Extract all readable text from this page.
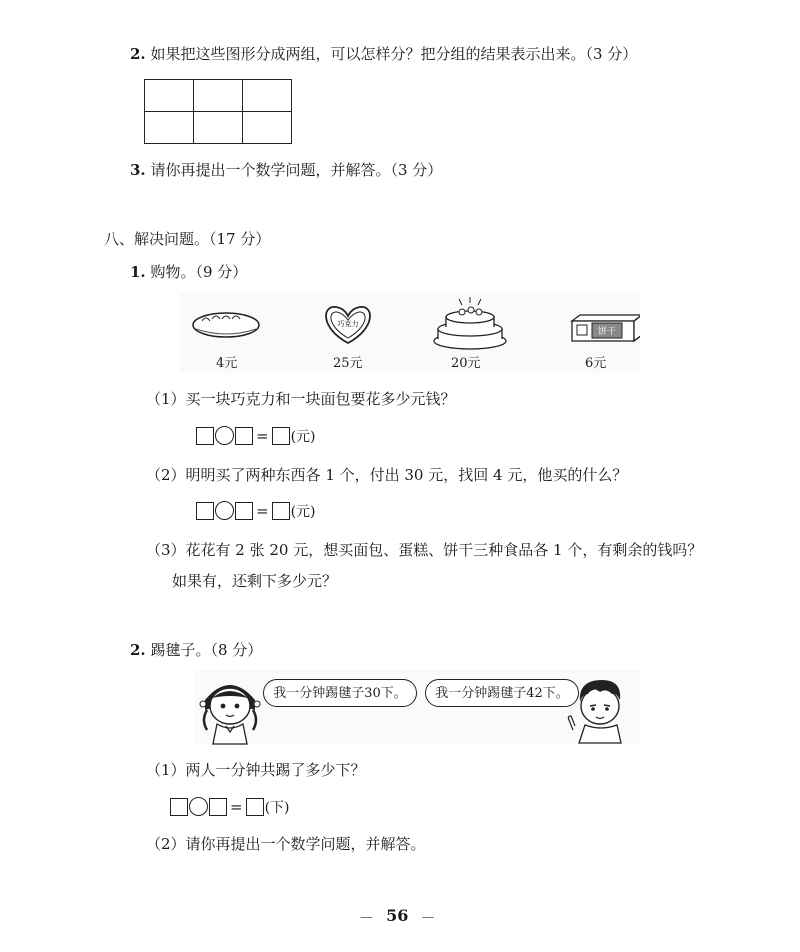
2. 如果把这些图形分成两组，可以怎样分？把分组的结果表示出来。（3 分）

3. 请你再提出一个数学问题，并解答。（3 分）
八、解决问题。（17 分）
1. 购物。（9 分）
巧克力
饼干
4元	25元	20元	6元
（1）买一块巧克力和一块面包要花多少元钱？
= (元)
（2）明明买了两种东西各 1 个，付出 30 元，找回 4 元，他买的什么？
= (元)
（3）花花有 2 张 20 元，想买面包、蛋糕、饼干三种食品各 1 个，有剩余的钱吗？
如果有，还剩下多少元？
2. 踢毽子。（8 分）
我一分钟踢毽子30下。	我一分钟踢毽子42下。
（1）两人一分钟共踢了多少下？
= (下)
（2）请你再提出一个数学问题，并解答。
— 56 —
